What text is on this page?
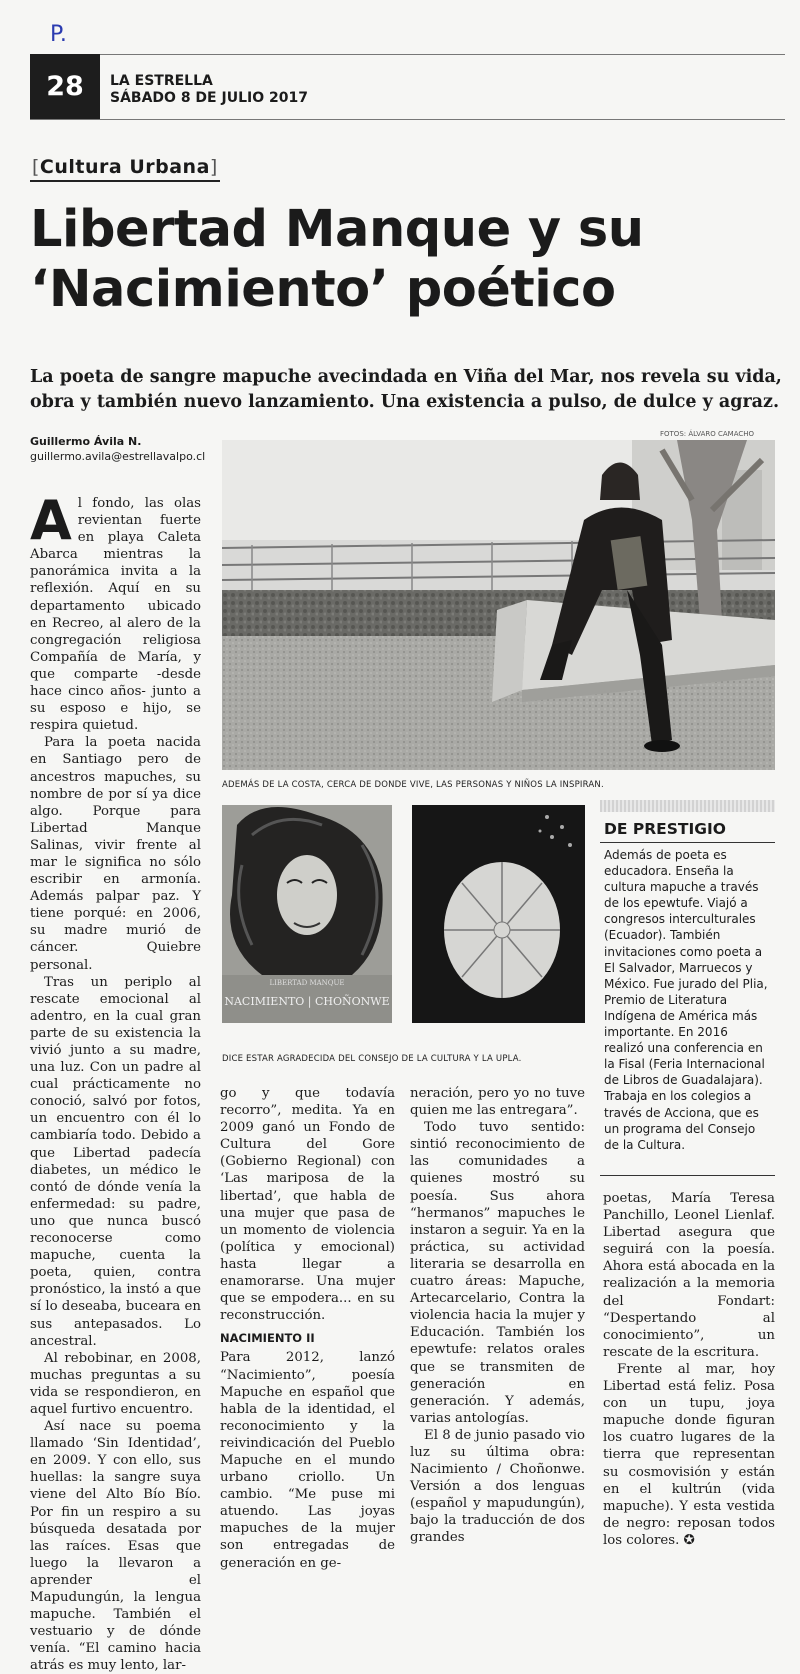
P.
28	LA ESTRELLA
SÁBADO 8 DE JULIO 2017
[Cultura Urbana]
Libertad Manque y su
‘Nacimiento’ poético
La poeta de sangre mapuche avecindada en Viña del Mar, nos revela su vida, obra y también nuevo lanzamiento. Una existencia a pulso, de dulce y agraz.
Guillermo Ávila N.
guillermo.avila@estrellavalpo.cl
FOTOS: ÁLVARO CAMACHO
ADEMÁS DE LA COSTA, CERCA DE DONDE VIVE, LAS PERSONAS Y NIÑOS LA INSPIRAN.
LIBERTAD MANQUE
NACIMIENTO | CHOÑONWE
DICE ESTAR AGRADECIDA DEL CONSEJO DE LA CULTURA Y LA UPLA.

Al fondo, las olas revientan fuerte en playa Caleta Abarca mientras la panorámica invita a la reflexión. Aquí en su departamento ubicado en Recreo, al alero de la congregación religiosa Compañía de María, y que comparte -desde hace cinco años- junto a su esposo e hijo, se respira quietud.

Para la poeta nacida en Santiago pero de ancestros mapuches, su nombre de por sí ya dice algo. Porque para Libertad Manque Salinas, vivir frente al mar le significa no sólo escribir en armonía. Además palpar paz. Y tiene porqué: en 2006, su madre murió de cáncer. Quiebre personal.

Tras un periplo al rescate emocional al adentro, en la cual gran parte de su existencia la vivió junto a su madre, una luz. Con un padre al cual prácticamente no conoció, salvó por fotos, un encuentro con él lo cambiaría todo. Debido a que Libertad padecía diabetes, un médico le contó de dónde venía la enfermedad: su padre, uno que nunca buscó reconocerse como mapuche, cuenta la poeta, quien, contra pronóstico, la instó a que sí lo deseaba, bucearа en sus antepasados. Lo ancestral.

Al rebobinar, en 2008, muchas preguntas a su vida se respondieron, en aquel furtivo encuentro.

Así nace su poema llamado ‘Sin Identidad’, en 2009. Y con ello, sus huellas: la sangre suya viene del Alto Bío Bío. Por fin un respiro a su búsqueda desatada por las raíces. Esas que luego la llevaron a aprender el Mapudungún, la lengua mapuche. También el vestuario y de dónde venía. “El camino hacia atrás es muy lento, lar-

go y que todavía recorro”, medita. Ya en 2009 ganó un Fondo de Cultura del Gore (Gobierno Regional) con ‘Las mariposa de la libertad’, que habla de una mujer que pasa de un momento de violencia (política y emocional) hasta llegar a enamorarse. Una mujer que se empodera... en su reconstrucción.

NACIMIENTO II

Para 2012, lanzó “Nacimiento”, poesía Mapuche en español que habla de la identidad, el reconocimiento y la reivindicación del Pueblo Mapuche en el mundo urbano criollo. Un cambio. “Me puse mi atuendo. Las joyas mapuches de la mujer son entregadas de generación en ge-

neración, pero yo no tuve quien me las entregara”.

Todo tuvo sentido: sintió reconocimiento de las comunidades a quienes mostró su poesía. Sus ahora “hermanos” mapuches le instaron a seguir. Ya en la práctica, su actividad literaria se desarrolla en cuatro áreas: Mapuche, Artecarcelario, Contra la violencia hacia la mujer y Educación. También los epewtufe: relatos orales que se transmiten de generación en generación. Y además, varias antologías.

El 8 de junio pasado vio luz su última obra: Nacimiento / Choñonwe. Versión a dos lenguas (español y mapudungún), bajo la traducción de dos grandes

DE PRESTIGIO
Además de poeta es educadora. Enseña la cultura mapuche a través de los epewtufe. Viajó a congresos interculturales (Ecuador). También invitaciones como poeta a El Salvador, Marruecos y México. Fue jurado del Plia, Premio de Literatura Indígena de América más importante. En 2016 realizó una conferencia en la Fisal (Feria Internacional de Libros de Guadalajara). Trabaja en los colegios a través de Acciona, que es un programa del Consejo de la Cultura.

poetas, María Teresa Panchillo, Leonel Lienlaf. Libertad asegura que seguirá con la poesía. Ahora está abocada en la realización a la memoria del Fondart: “Despertando al conocimiento”, un rescate de la escritura.

Frente al mar, hoy Libertad está feliz. Posa con un tupu, joya mapuche donde figuran los cuatro lugares de la tierra que representan su cosmovisión y están en el kultrún (vida mapuche). Y esta vestida de negro: reposan todos los colores. ✪
